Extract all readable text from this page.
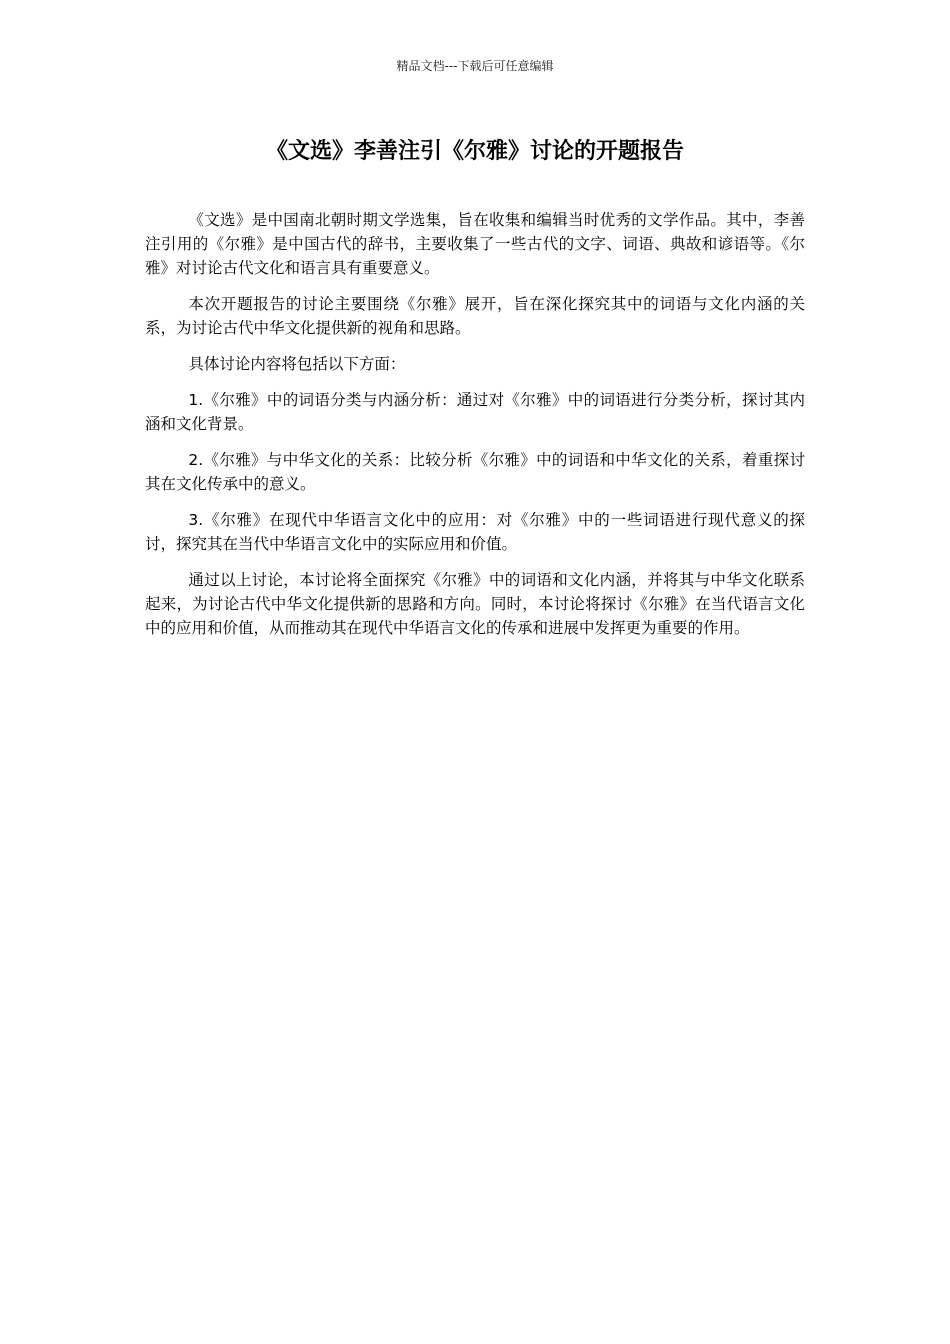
精品文档---下载后可任意编辑
《文选》李善注引《尔雅》讨论的开题报告

《文选》是中国南北朝时期文学选集，旨在收集和编辑当时优秀的文学作品。其中，李善注引用的《尔雅》是中国古代的辞书，主要收集了一些古代的文字、词语、典故和谚语等。《尔雅》对讨论古代文化和语言具有重要意义。

本次开题报告的讨论主要围绕《尔雅》展开，旨在深化探究其中的词语与文化内涵的关系，为讨论古代中华文化提供新的视角和思路。

具体讨论内容将包括以下方面：

1.《尔雅》中的词语分类与内涵分析：通过对《尔雅》中的词语进行分类分析，探讨其内涵和文化背景。

2.《尔雅》与中华文化的关系：比较分析《尔雅》中的词语和中华文化的关系，着重探讨其在文化传承中的意义。

3.《尔雅》在现代中华语言文化中的应用：对《尔雅》中的一些词语进行现代意义的探讨，探究其在当代中华语言文化中的实际应用和价值。

通过以上讨论，本讨论将全面探究《尔雅》中的词语和文化内涵，并将其与中华文化联系起来，为讨论古代中华文化提供新的思路和方向。同时，本讨论将探讨《尔雅》在当代语言文化中的应用和价值，从而推动其在现代中华语言文化的传承和进展中发挥更为重要的作用。
